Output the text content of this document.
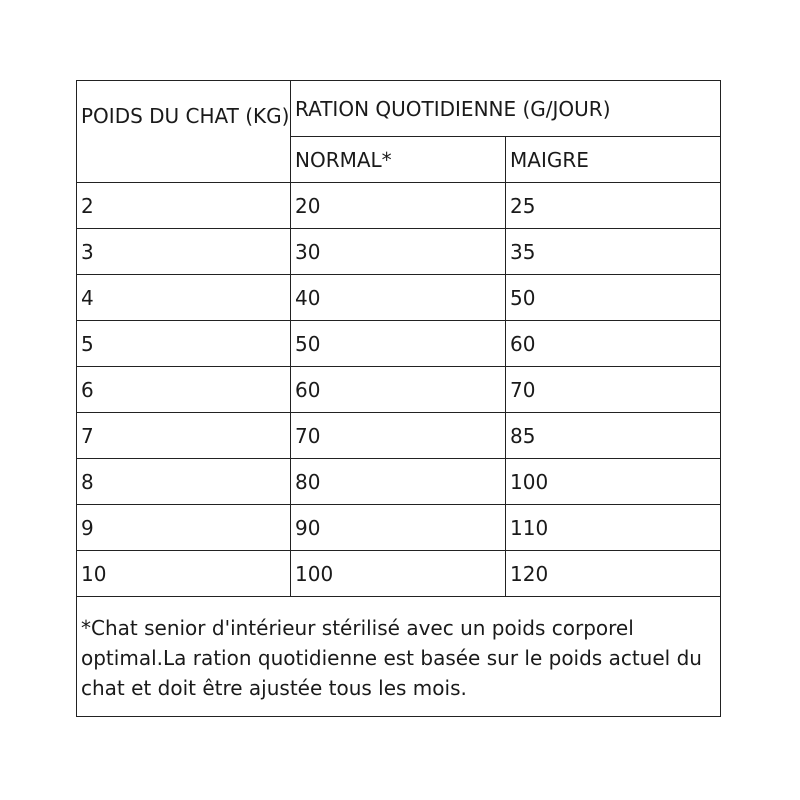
POIDS DU CHAT (KG)	RATION QUOTIDIENNE (G/JOUR)	
	NORMAL*	MAIGRE
2	20	25
3	30	35
4	40	50
5	50	60
6	60	70
7	70	85
8	80	100
9	90	110
10	100	120
*Chat senior d'intérieur stérilisé avec un poids corporel optimal.La ration quotidienne est basée sur le poids actuel du chat et doit être ajustée tous les mois.		
